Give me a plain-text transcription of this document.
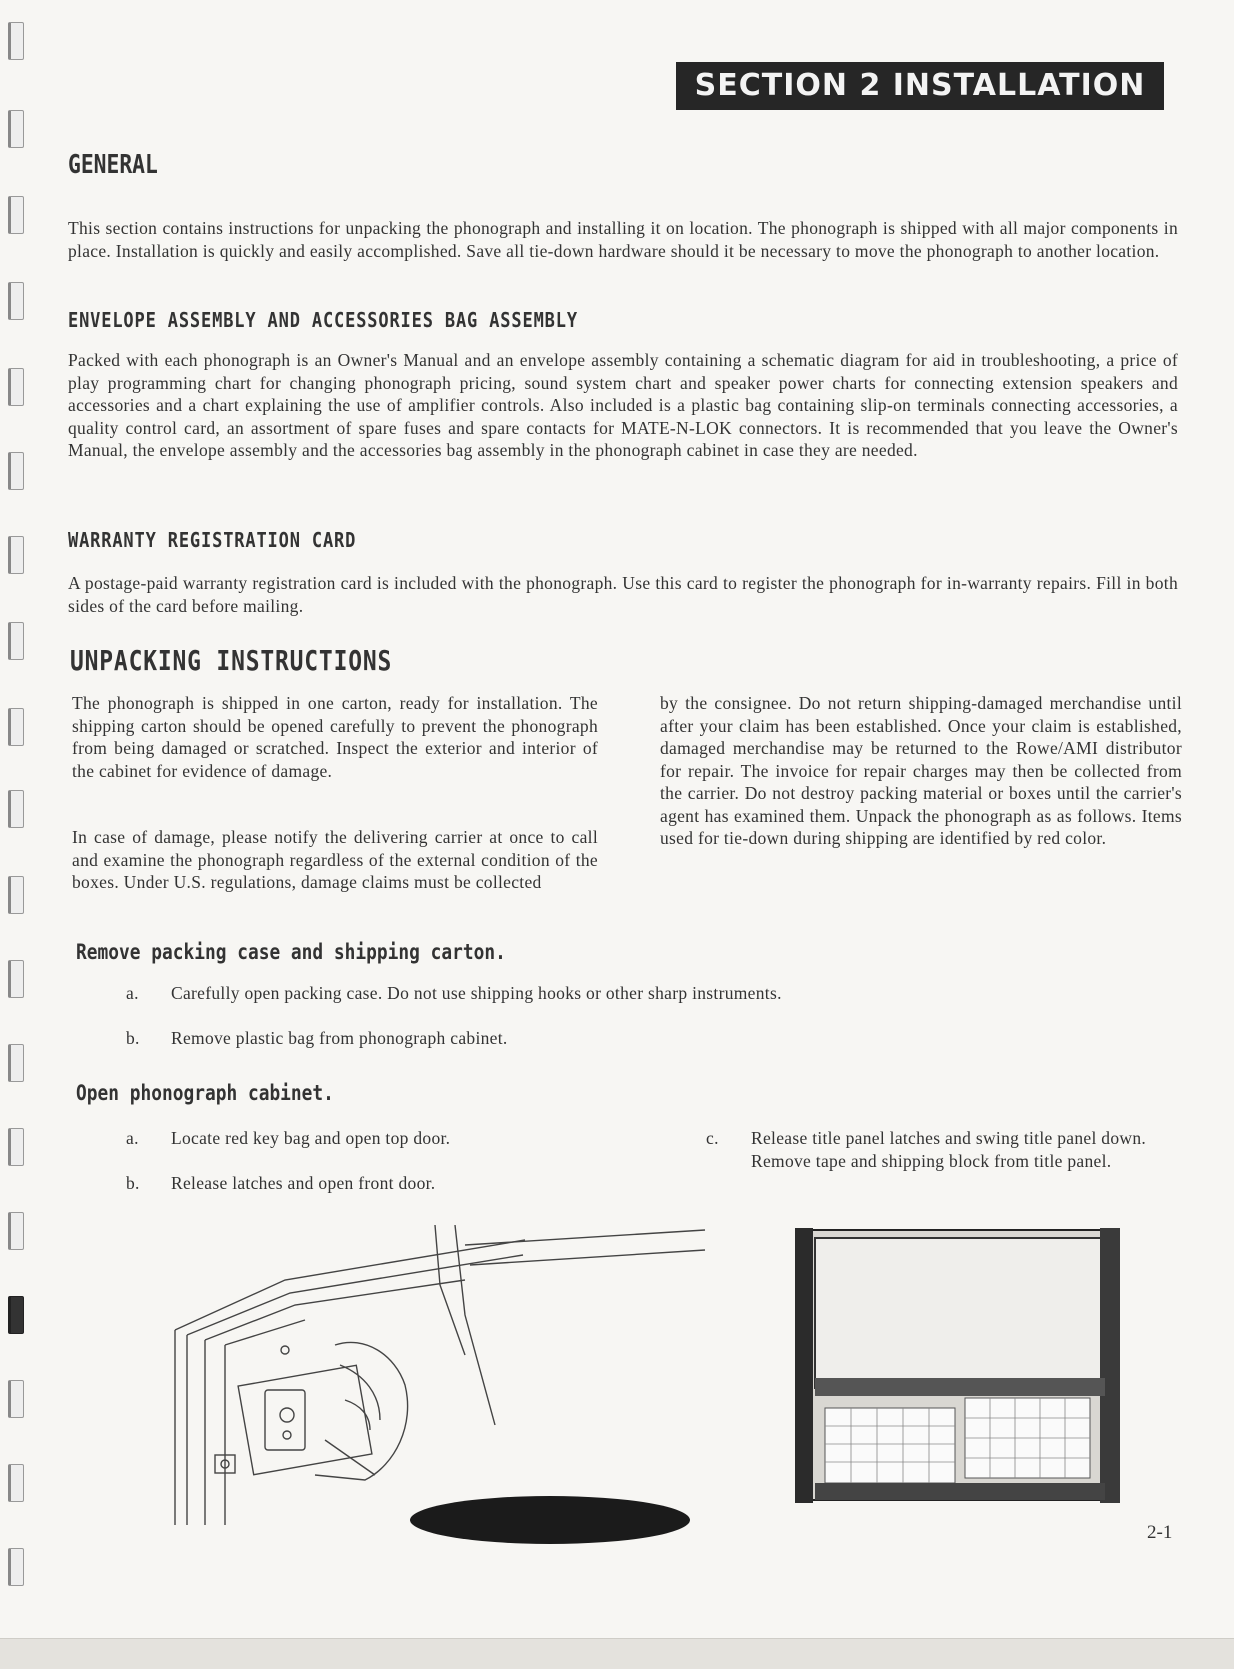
SECTION 2 INSTALLATION
GENERAL

This section contains instructions for unpacking the phonograph and installing it on location. The phonograph is shipped with all major components in place. Installation is quickly and easily accomplished. Save all tie-down hardware should it be necessary to move the phonograph to another location.

ENVELOPE ASSEMBLY AND ACCESSORIES BAG ASSEMBLY

Packed with each phonograph is an Owner's Manual and an envelope assembly containing a schematic diagram for aid in troubleshooting, a price of play programming chart for changing phonograph pricing, sound system chart and speaker power charts for connecting extension speakers and accessories and a chart explaining the use of amplifier controls. Also included is a plastic bag containing slip-on terminals connecting accessories, a quality control card, an assortment of spare fuses and spare contacts for MATE-N-LOK connectors. It is recommended that you leave the Owner's Manual, the envelope assembly and the accessories bag assembly in the phonograph cabinet in case they are needed.

WARRANTY REGISTRATION CARD

A postage-paid warranty registration card is included with the phonograph. Use this card to register the phonograph for in-warranty repairs. Fill in both sides of the card before mailing.

UNPACKING INSTRUCTIONS

The phonograph is shipped in one carton, ready for installation. The shipping carton should be opened carefully to prevent the phonograph from being damaged or scratched. Inspect the exterior and interior of the cabinet for evidence of damage.

In case of damage, please notify the delivering carrier at once to call and examine the phonograph regardless of the external condition of the boxes. Under U.S. regulations, damage claims must be collected

by the consignee. Do not return shipping-damaged merchandise until after your claim has been established. Once your claim is established, damaged merchandise may be returned to the Rowe/AMI distributor for repair. The invoice for repair charges may then be collected from the carrier. Do not destroy packing material or boxes until the carrier's agent has examined them. Unpack the phonograph as as follows. Items used for tie-down during shipping are identified by red color.

Remove packing case and shipping carton.
a. Carefully open packing case. Do not use shipping hooks or other sharp instruments.
b. Remove plastic bag from phonograph cabinet.
Open phonograph cabinet.
a. Locate red key bag and open top door.
b. Release latches and open front door.
c. Release title panel latches and swing title panel down. Remove tape and shipping block from title panel.
2-1
